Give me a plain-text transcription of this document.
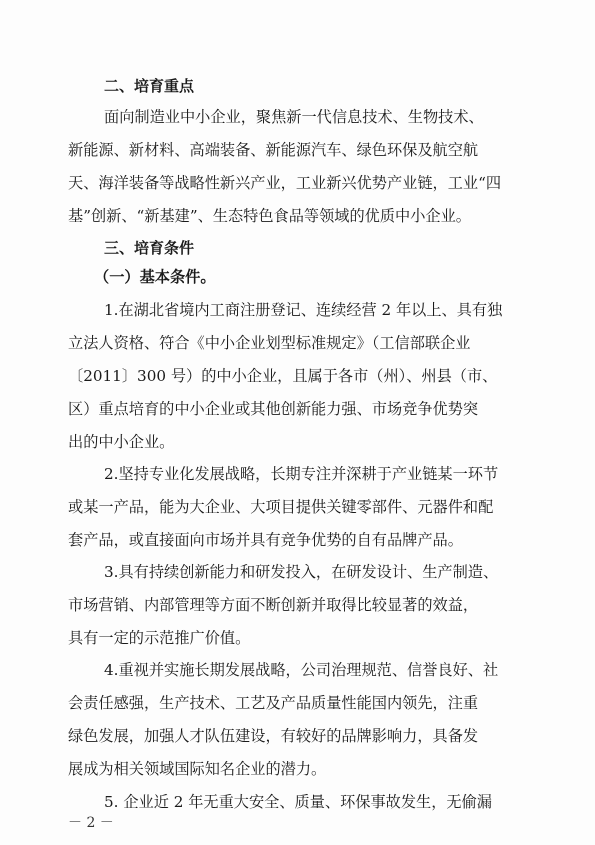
二、培育重点
面向制造业中小企业，聚焦新一代信息技术、生物技术、
新能源、新材料、高端装备、新能源汽车、绿色环保及航空航
天、海洋装备等战略性新兴产业，工业新兴优势产业链，工业“四
基”创新、“新基建”、生态特色食品等领域的优质中小企业。
三、培育条件
（一）基本条件。
1.在湖北省境内工商注册登记、连续经营 2 年以上、具有独
立法人资格、符合《中小企业划型标准规定》（工信部联企业
〔2011〕300 号）的中小企业，且属于各市（州）、州县（市、
区）重点培育的中小企业或其他创新能力强、市场竞争优势突
出的中小企业。
2.坚持专业化发展战略，长期专注并深耕于产业链某一环节
或某一产品，能为大企业、大项目提供关键零部件、元器件和配
套产品，或直接面向市场并具有竞争优势的自有品牌产品。
3.具有持续创新能力和研发投入，在研发设计、生产制造、
市场营销、内部管理等方面不断创新并取得比较显著的效益，
具有一定的示范推广价值。
4.重视并实施长期发展战略，公司治理规范、信誉良好、社
会责任感强，生产技术、工艺及产品质量性能国内领先，注重
绿色发展，加强人才队伍建设，有较好的品牌影响力，具备发
展成为相关领域国际知名企业的潜力。
5. 企业近 2 年无重大安全、质量、环保事故发生，无偷漏
－ 2 －
